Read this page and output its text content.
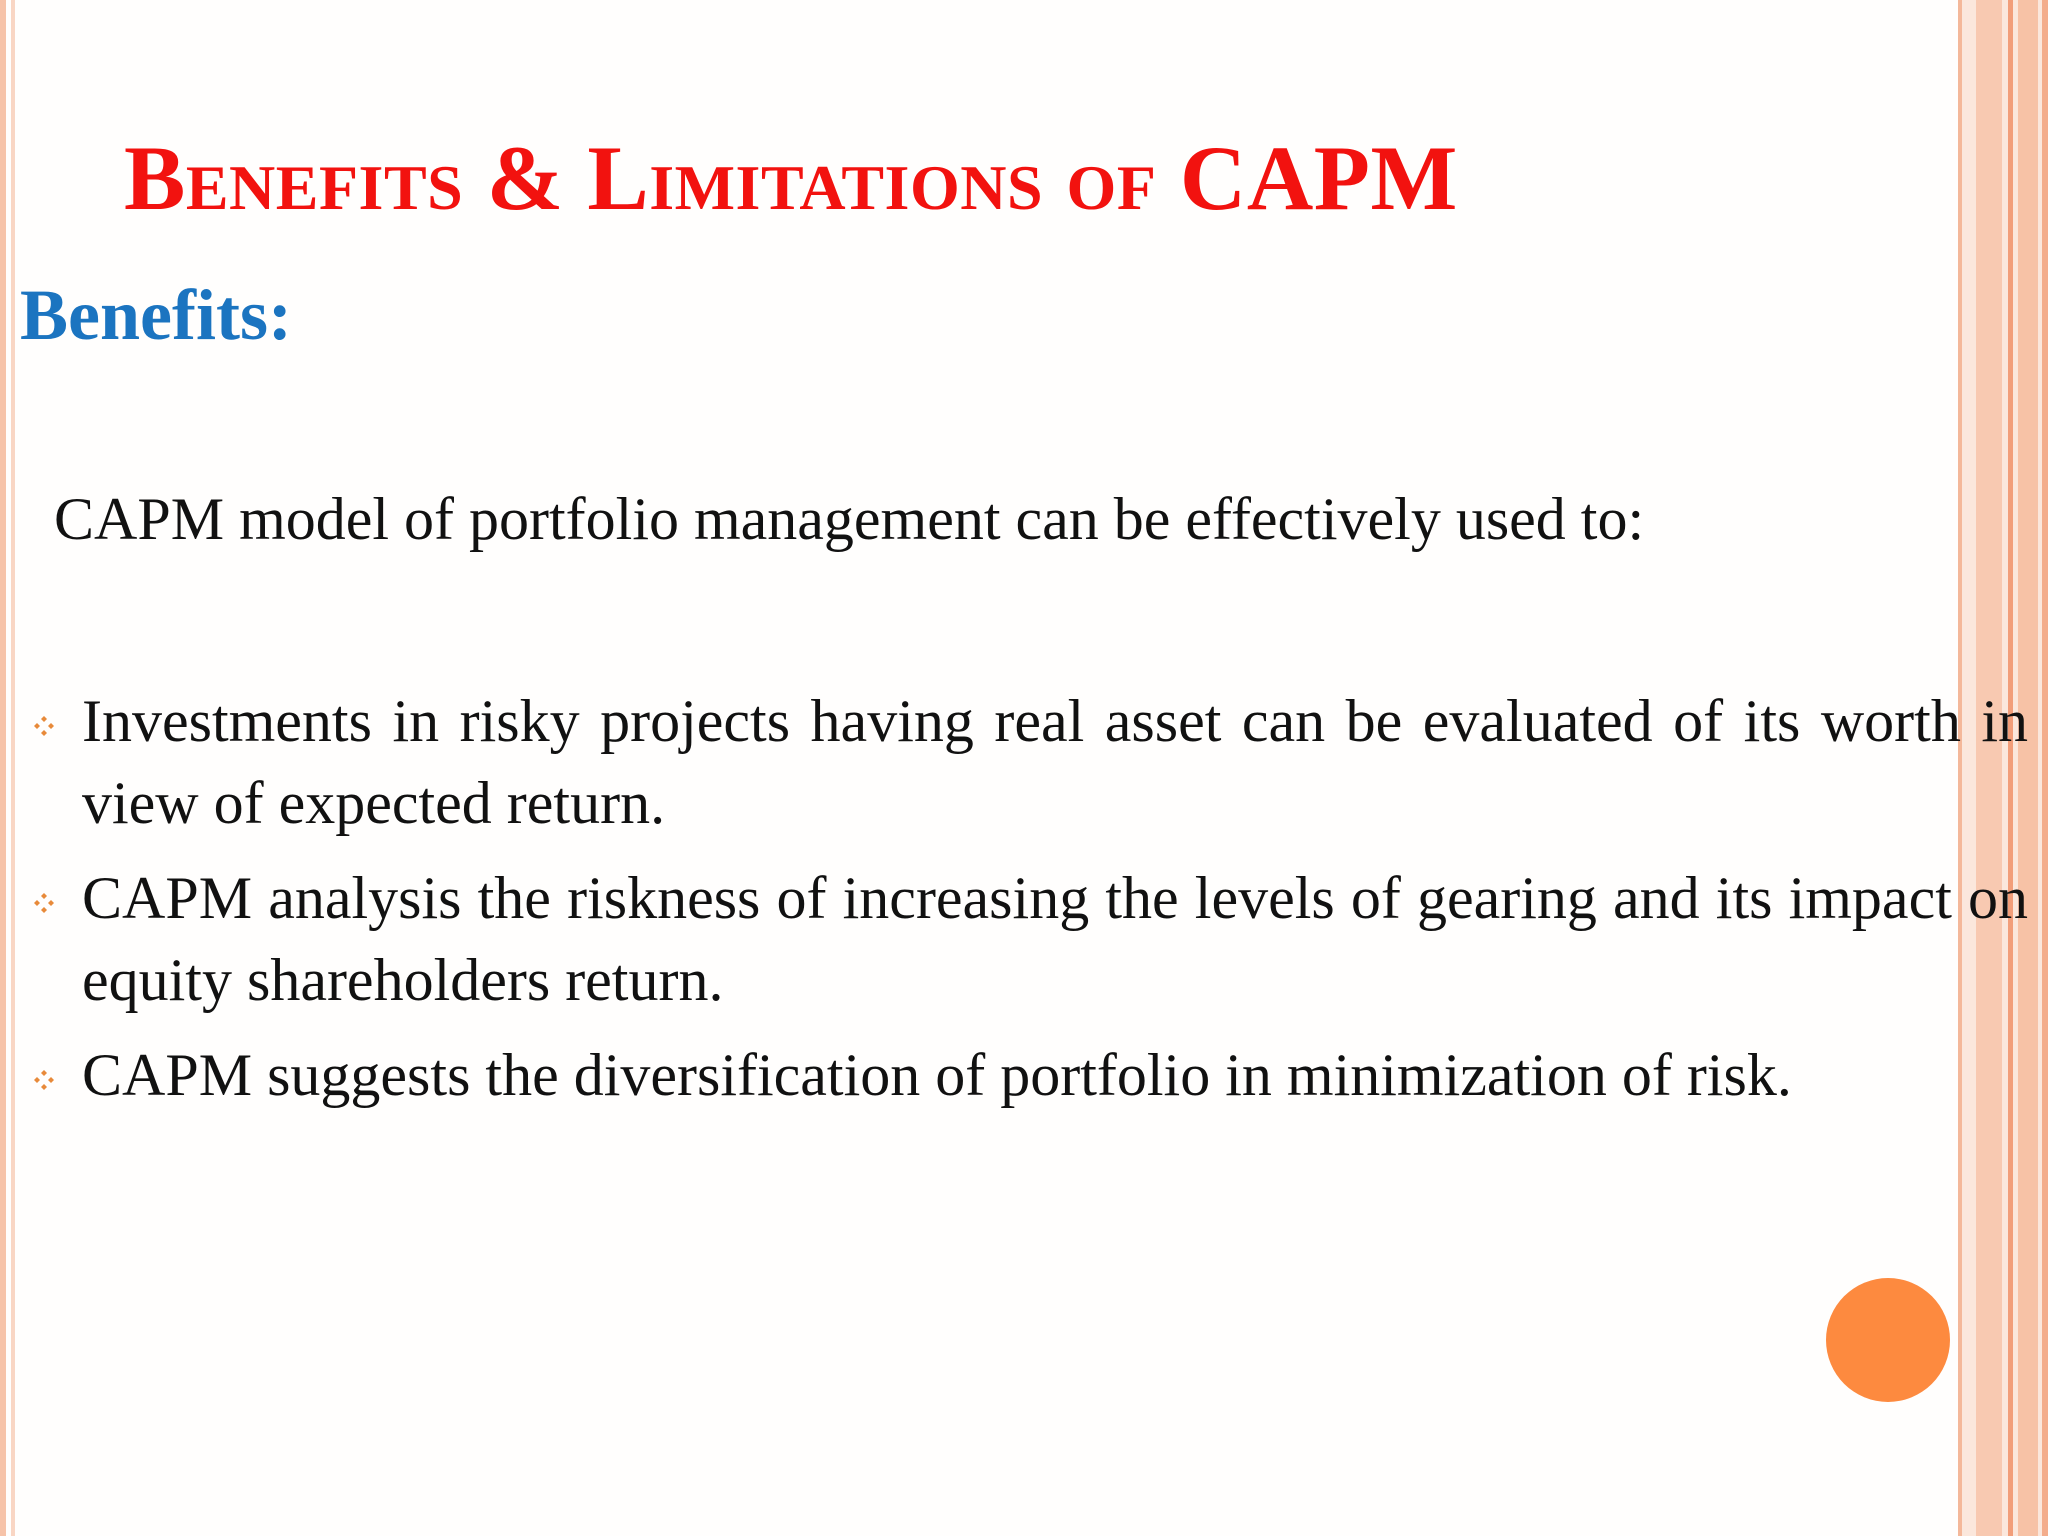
Benefits & Limitations of CAPM
Benefits:

CAPM model of portfolio management can be effectively used to:

Investments in risky projects having real asset can be evaluated of its worth in view of expected return.
CAPM analysis the riskness of increasing the levels of gearing and its impact on equity shareholders return.
CAPM suggests the diversification of portfolio in minimization of risk.
